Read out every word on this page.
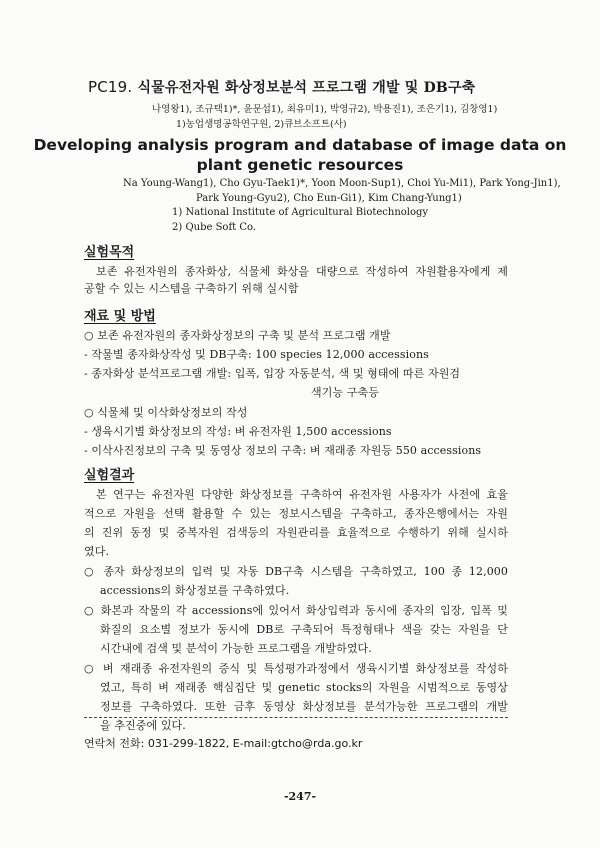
PC19. 식물유전자원 화상정보분석 프로그램 개발 및 DB구축
나영왕1), 조규택1)*, 윤문섭1), 최유미1), 박영규2), 박용진1), 조은기1), 김창영1)
1)농업생명공학연구원, 2)큐브소프트(사)
Developing analysis program and database of image data on
plant genetic resources
Na Young-Wang1), Cho Gyu-Taek1)*, Yoon Moon-Sup1), Choi Yu-Mi1), Park Yong-Jin1),
Park Young-Gyu2), Cho Eun-Gi1), Kim Chang-Yung1)
1) National Institute of Agricultural Biotechnology
2) Qube Soft Co.
실험목적
보존 유전자원의 종자화상, 식물체 화상을 대량으로 작성하여 자원활용자에게 제
공할 수 있는 시스템을 구축하기 위해 실시함
재료 및 방법
○ 보존 유전자원의 종자화상정보의 구축 및 분석 프로그램 개발
- 작물별 종자화상작성 및 DB구축: 100 species 12,000 accessions
- 종자화상 분석프로그램 개발: 입폭, 입장 자동분석, 색 및 형태에 따른 자원검
색기능 구축등
○ 식물체 및 이삭화상정보의 작성
- 생육시기별 화상정보의 작성: 벼 유전자원 1,500 accessions
- 이삭사진정보의 구축 및 동영상 정보의 구축: 벼 재래종 자원등 550 accessions
실험결과
본 연구는 유전자원 다양한 화상정보를 구축하여 유전자원 사용자가 사전에 효율
적으로 자원을 선택 활용할 수 있는 정보시스템을 구축하고, 종자은행에서는 자원
의 진위 동정 및 중복자원 검색등의 자원관리를 효율적으로 수행하기 위해 실시하
였다.
○ 종자 화상정보의 입력 및 자동 DB구축 시스템을 구축하였고, 100 종 12,000
accessions의 화상정보를 구축하였다.
○ 화본과 작물의 각 accessions에 있어서 화상입력과 동시에 종자의 입장, 입폭 및
화질의 요소별 정보가 동시에 DB로 구축되어 특정형태나 색을 갖는 자원을 단
시간내에 검색 및 분석이 가능한 프로그램을 개발하였다.
○ 벼 재래종 유전자원의 증식 및 특성평가과정에서 생육시기별 화상정보를 작성하
였고, 특히 벼 재래종 핵심집단 및 genetic stocks의 자원을 시범적으로 동영상
정보를 구축하였다. 또한 금후 동영상 화상정보를 분석가능한 프로그램의 개발
을 추진중에 있다.
연락처 전화: 031-299-1822, E-mail:gtcho@rda.go.kr
-247-
